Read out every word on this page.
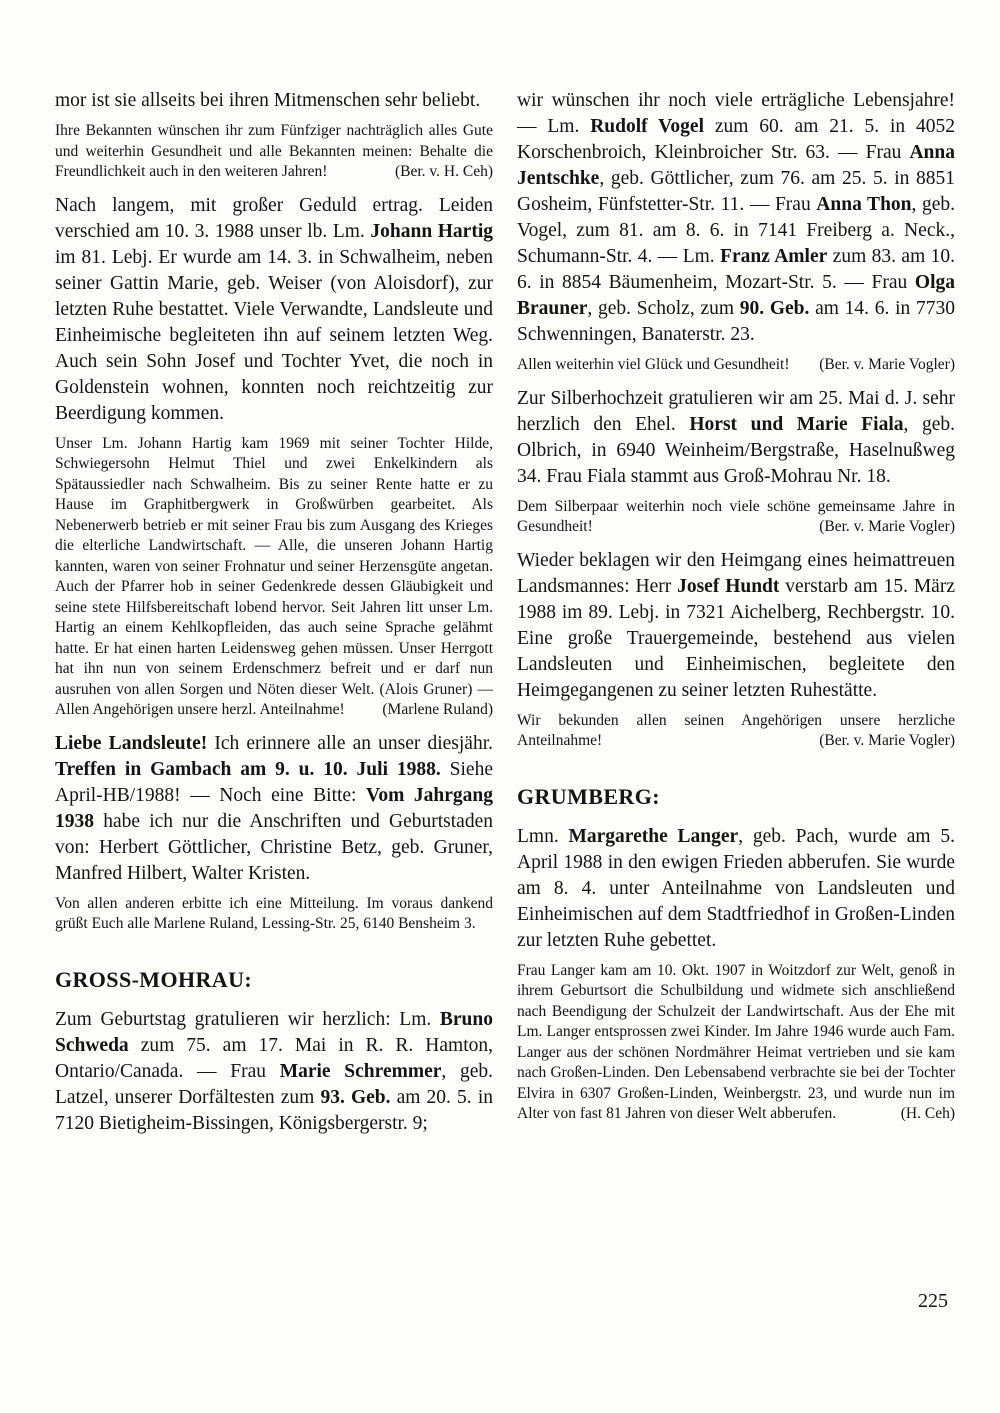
mor ist sie allseits bei ihren Mitmenschen sehr beliebt.

Ihre Bekannten wünschen ihr zum Fünfziger nachträglich alles Gute und weiterhin Gesundheit und alle Bekannten meinen: Behalte die Freundlichkeit auch in den weiteren Jahren!	(Ber. v. H. Ceh)

Nach langem, mit großer Geduld ertrag. Leiden verschied am 10. 3. 1988 unser lb. Lm. Johann Hartig im 81. Lebj. Er wurde am 14. 3. in Schwalheim, neben seiner Gattin Marie, geb. Weiser (von Aloisdorf), zur letzten Ruhe bestattet. Viele Verwandte, Landsleute und Einheimische begleiteten ihn auf seinem letzten Weg. Auch sein Sohn Josef und Tochter Yvet, die noch in Goldenstein wohnen, konnten noch reichtzeitig zur Beerdigung kommen.

Unser Lm. Johann Hartig kam 1969 mit seiner Tochter Hilde, Schwiegersohn Helmut Thiel und zwei Enkelkindern als Spätaussiedler nach Schwalheim. Bis zu seiner Rente hatte er zu Hause im Graphitbergwerk in Großwürben gearbeitet. Als Nebenerwerb betrieb er mit seiner Frau bis zum Ausgang des Krieges die elterliche Landwirtschaft. — Alle, die unseren Johann Hartig kannten, waren von seiner Frohnatur und seiner Herzensgüte angetan. Auch der Pfarrer hob in seiner Gedenkrede dessen Gläubigkeit und seine stete Hilfsbereitschaft lobend hervor. Seit Jahren litt unser Lm. Hartig an einem Kehlkopfleiden, das auch seine Sprache gelähmt hatte. Er hat einen harten Leidensweg gehen müssen. Unser Herrgott hat ihn nun von seinem Erdenschmerz befreit und er darf nun ausruhen von allen Sorgen und Nöten dieser Welt. (Alois Gruner) — Allen Angehörigen unsere herzl. Anteilnahme!	(Marlene Ruland)

Liebe Landsleute! Ich erinnere alle an unser diesjähr. Treffen in Gambach am 9. u. 10. Juli 1988. Siehe April-HB/1988! — Noch eine Bitte: Vom Jahrgang 1938 habe ich nur die Anschriften und Geburtstaden von: Herbert Göttlicher, Christine Betz, geb. Gruner, Manfred Hilbert, Walter Kristen.

Von allen anderen erbitte ich eine Mitteilung. Im voraus dankend grüßt Euch alle Marlene Ruland, Lessing-Str. 25, 6140 Bensheim 3.

GROSS-MOHRAU:

Zum Geburtstag gratulieren wir herzlich: Lm. Bruno Schweda zum 75. am 17. Mai in R. R. Hamton, Ontario/Canada. — Frau Marie Schremmer, geb. Latzel, unserer Dorfältesten zum 93. Geb. am 20. 5. in 7120 Bietigheim-Bissingen, Königsbergerstr. 9;

wir wünschen ihr noch viele erträgliche Lebensjahre! — Lm. Rudolf Vogel zum 60. am 21. 5. in 4052 Korschenbroich, Kleinbroicher Str. 63. — Frau Anna Jentschke, geb. Göttlicher, zum 76. am 25. 5. in 8851 Gosheim, Fünfstetter-Str. 11. — Frau Anna Thon, geb. Vogel, zum 81. am 8. 6. in 7141 Freiberg a. Neck., Schumann-Str. 4. — Lm. Franz Amler zum 83. am 10. 6. in 8854 Bäumenheim, Mozart-Str. 5. — Frau Olga Brauner, geb. Scholz, zum 90. Geb. am 14. 6. in 7730 Schwenningen, Banaterstr. 23.

Allen weiterhin viel Glück und Gesundheit!	(Ber. v. Marie Vogler)

Zur Silberhochzeit gratulieren wir am 25. Mai d. J. sehr herzlich den Ehel. Horst und Marie Fiala, geb. Olbrich, in 6940 Weinheim/Bergstraße, Haselnußweg 34. Frau Fiala stammt aus Groß-Mohrau Nr. 18.

Dem Silberpaar weiterhin noch viele schöne gemeinsame Jahre in Gesundheit!	(Ber. v. Marie Vogler)

Wieder beklagen wir den Heimgang eines heimattreuen Landsmannes: Herr Josef Hundt verstarb am 15. März 1988 im 89. Lebj. in 7321 Aichelberg, Rechbergstr. 10. Eine große Trauergemeinde, bestehend aus vielen Landsleuten und Einheimischen, begleitete den Heimgegangenen zu seiner letzten Ruhestätte.

Wir bekunden allen seinen Angehörigen unsere herzliche Anteilnahme!	(Ber. v. Marie Vogler)

GRUMBERG:

Lmn. Margarethe Langer, geb. Pach, wurde am 5. April 1988 in den ewigen Frieden abberufen. Sie wurde am 8. 4. unter Anteilnahme von Landsleuten und Einheimischen auf dem Stadtfriedhof in Großen-Linden zur letzten Ruhe gebettet.

Frau Langer kam am 10. Okt. 1907 in Woitzdorf zur Welt, genoß in ihrem Geburtsort die Schulbildung und widmete sich anschließend nach Beendigung der Schulzeit der Landwirtschaft. Aus der Ehe mit Lm. Langer entsprossen zwei Kinder. Im Jahre 1946 wurde auch Fam. Langer aus der schönen Nordmährer Heimat vertrieben und sie kam nach Großen-Linden. Den Lebensabend verbrachte sie bei der Tochter Elvira in 6307 Großen-Linden, Weinbergstr. 23, und wurde nun im Alter von fast 81 Jahren von dieser Welt abberufen.	(H. Ceh)

225
